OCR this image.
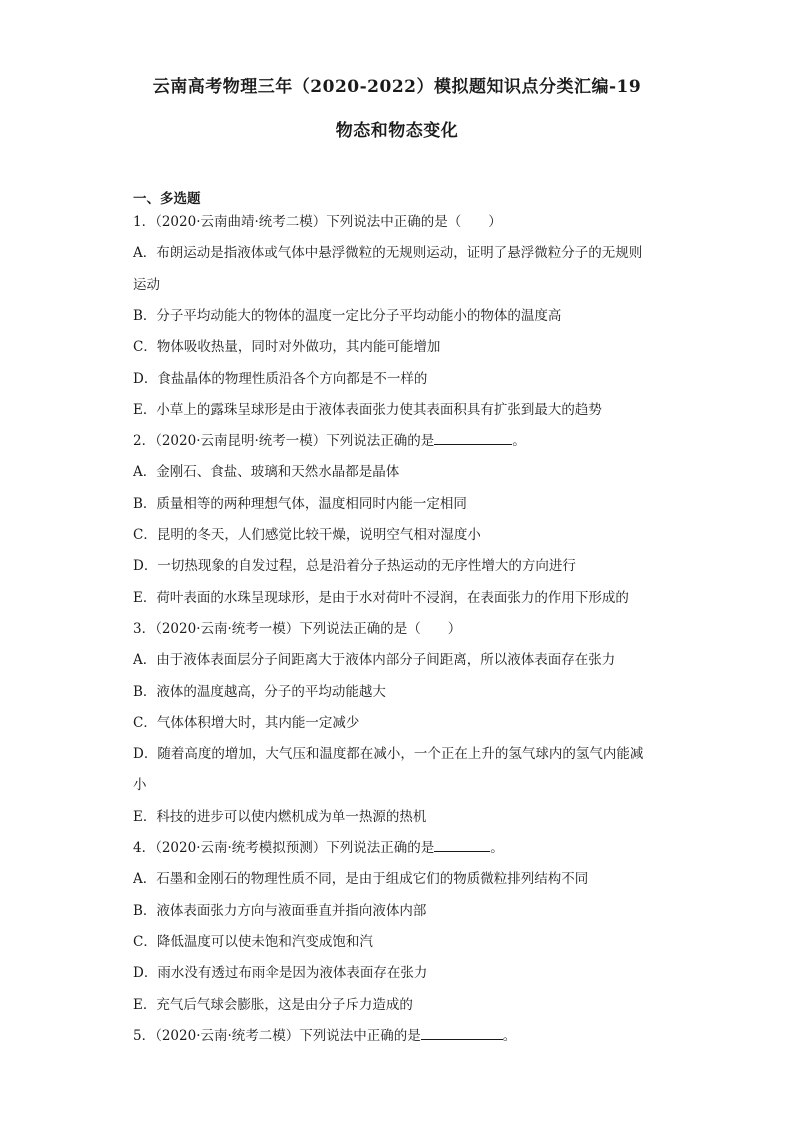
云南高考物理三年（2020-2022）模拟题知识点分类汇编-19
物态和物态变化
一、多选题
1．（2020·云南曲靖·统考二模）下列说法中正确的是（　　）
A．布朗运动是指液体或气体中悬浮微粒的无规则运动，证明了悬浮微粒分子的无规则
运动
B．分子平均动能大的物体的温度一定比分子平均动能小的物体的温度高
C．物体吸收热量，同时对外做功，其内能可能增加
D．食盐晶体的物理性质沿各个方向都是不一样的
E．小草上的露珠呈球形是由于液体表面张力使其表面积具有扩张到最大的趋势
2．（2020·云南昆明·统考一模）下列说法正确的是	。
A．金刚石、食盐、玻璃和天然水晶都是晶体
B．质量相等的两种理想气体，温度相同时内能一定相同
C．昆明的冬天，人们感觉比较干燥，说明空气相对湿度小
D．一切热现象的自发过程，总是沿着分子热运动的无序性增大的方向进行
E．荷叶表面的水珠呈现球形，是由于水对荷叶不浸润，在表面张力的作用下形成的
3．（2020·云南·统考一模）下列说法正确的是（　　）
A．由于液体表面层分子间距离大于液体内部分子间距离，所以液体表面存在张力
B．液体的温度越高，分子的平均动能越大
C．气体体积增大时，其内能一定减少
D．随着高度的增加，大气压和温度都在减小，一个正在上升的氢气球内的氢气内能减
小
E．科技的进步可以使内燃机成为单一热源的热机
4．（2020·云南·统考模拟预测）下列说法正确的是	。
A．石墨和金刚石的物理性质不同，是由于组成它们的物质微粒排列结构不同
B．液体表面张力方向与液面垂直并指向液体内部
C．降低温度可以使未饱和汽变成饱和汽
D．雨水没有透过布雨伞是因为液体表面存在张力
E．充气后气球会膨胀，这是由分子斥力造成的
5．（2020·云南·统考二模）下列说法中正确的是	。
